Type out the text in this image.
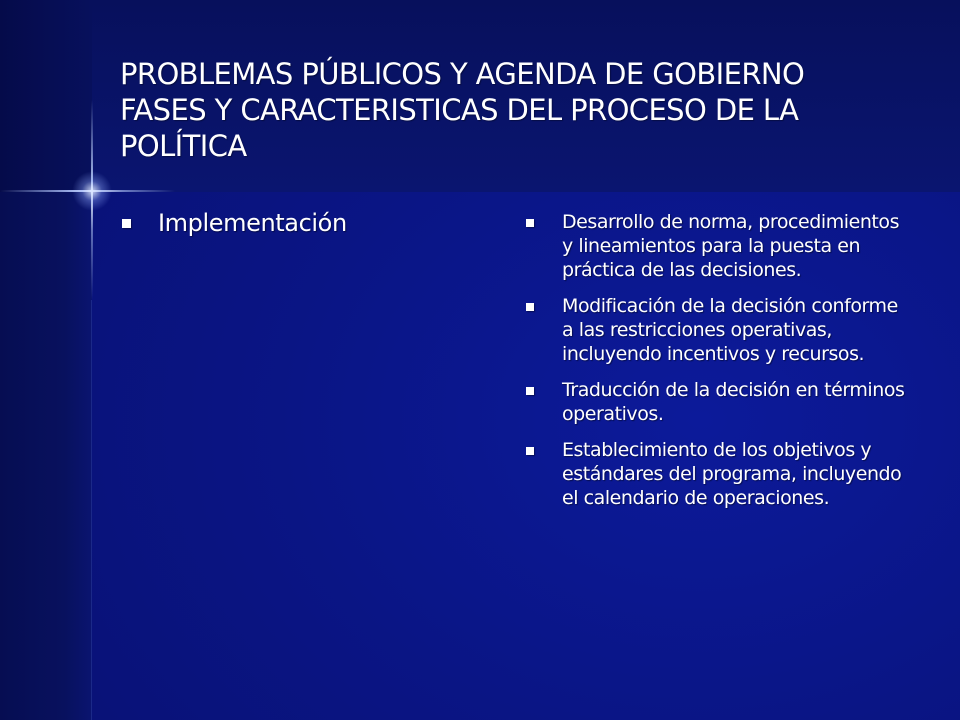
PROBLEMAS PÚBLICOS Y AGENDA DE GOBIERNO
FASES Y CARACTERISTICAS DEL PROCESO DE LA
POLÍTICA
Implementación	Desarrollo de norma, procedimientos y lineamientos para la puesta en práctica de las decisiones.
Modificación de la decisión conforme a las restricciones operativas, incluyendo incentivos y recursos.
Traducción de la decisión en términos operativos.
Establecimiento de los objetivos y estándares del programa, incluyendo el calendario de operaciones.
